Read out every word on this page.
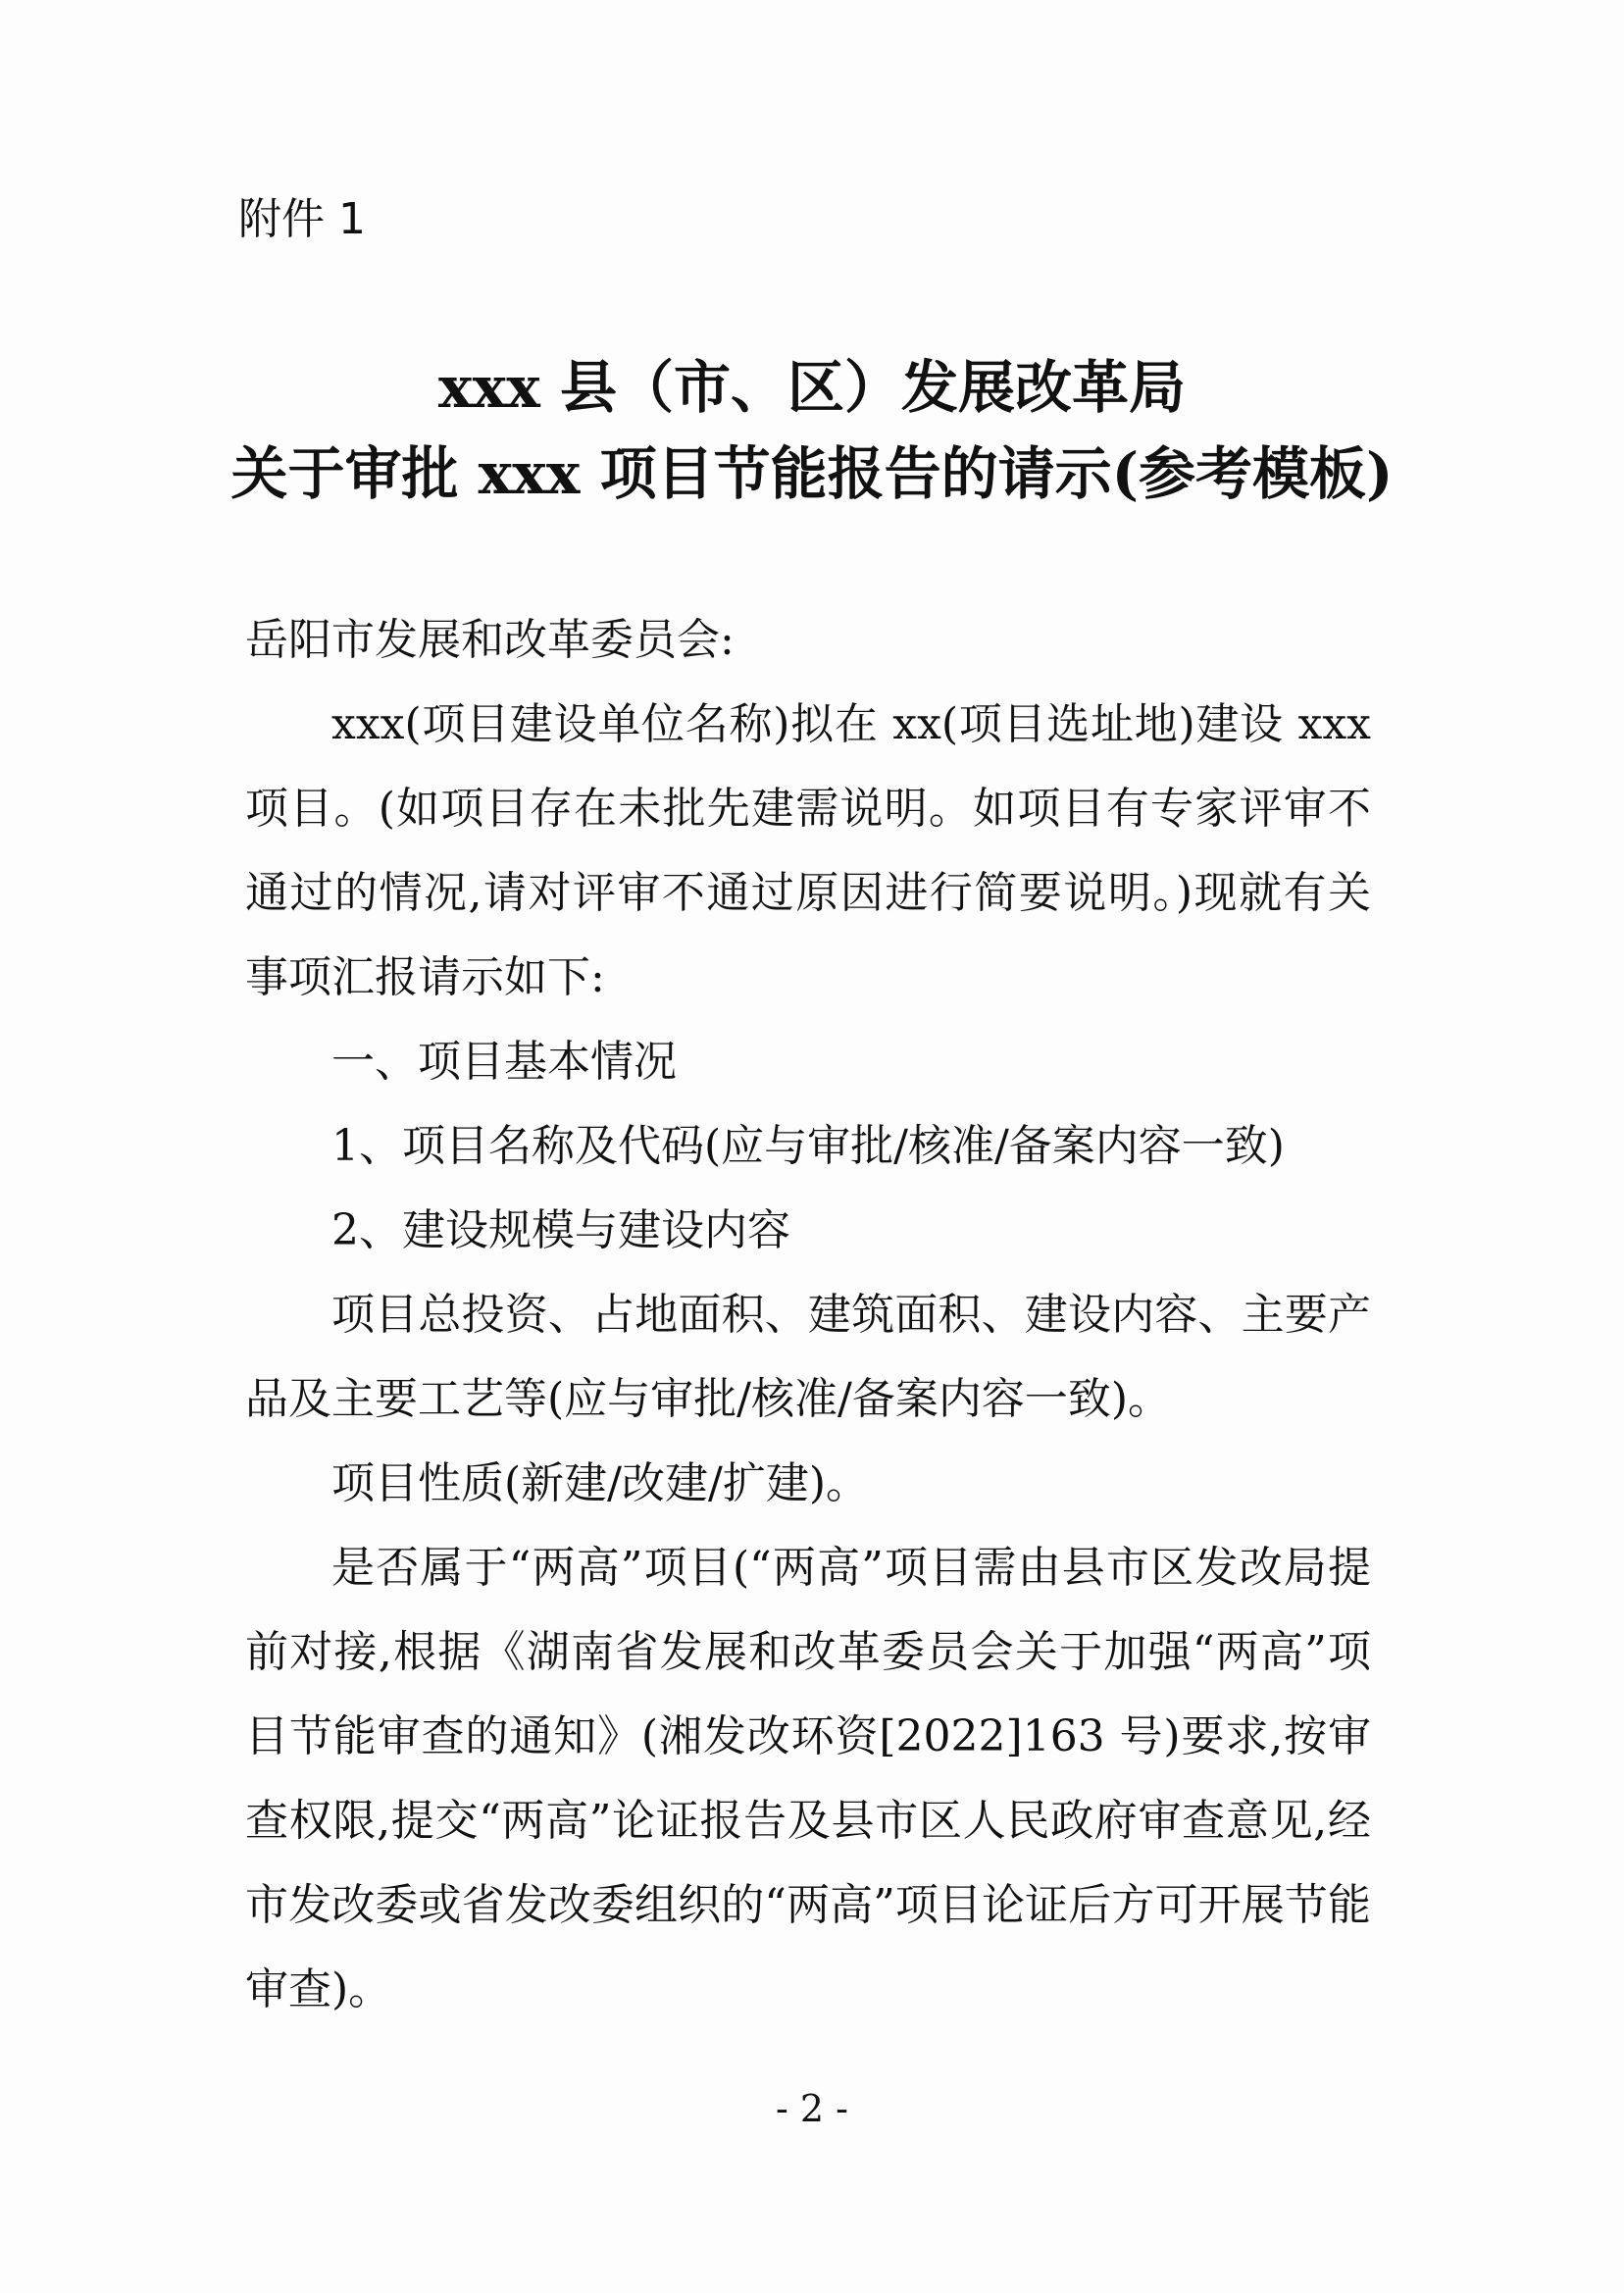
附件 1
xxx 县（市、区）发展改革局
关于审批 xxx 项目节能报告的请示(参考模板)
岳阳市发展和改革委员会:

xxx(项目建设单位名称)拟在 xx(项目选址地)建设 xxx 项目。(如项目存在未批先建需说明。如项目有专家评审不通过的情况,请对评审不通过原因进行简要说明。)现就有关事项汇报请示如下:

一、项目基本情况

1、项目名称及代码(应与审批/核准/备案内容一致)

2、建设规模与建设内容

项目总投资、占地面积、建筑面积、建设内容、主要产品及主要工艺等(应与审批/核准/备案内容一致)。

项目性质(新建/改建/扩建)。

是否属于“两高”项目(“两高”项目需由县市区发改局提前对接,根据《湖南省发展和改革委员会关于加强“两高”项目节能审查的通知》(湘发改环资[2022]163 号)要求,按审查权限,提交“两高”论证报告及县市区人民政府审查意见,经市发改委或省发改委组织的“两高”项目论证后方可开展节能审查)。

- 2 -
